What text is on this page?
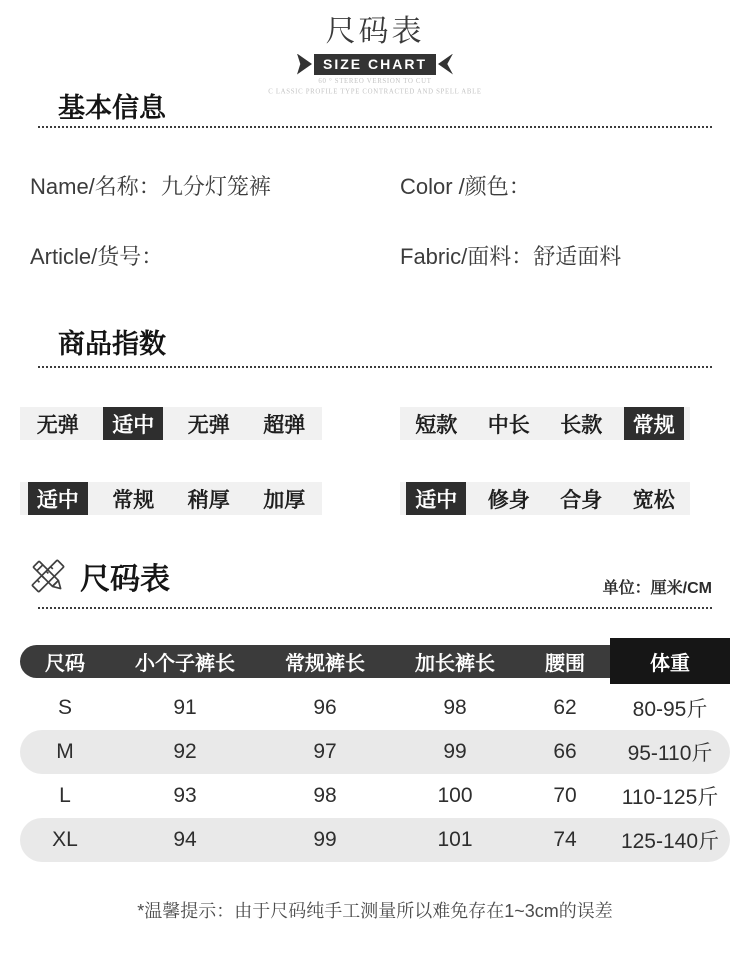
尺码表
SIZE CHART
60 ° STEREO VERSION TO CUT
C LASSIC PROFILE TYPE CONTRACTED AND SPELL ABLE
基本信息
Name/名称：九分灯笼裤	Color /颜色：
Article/货号：	Fabric/面料：舒适面料
商品指数
无弹	适中	无弹	超弹	短款	中长	长款	常规
适中	常规	稍厚	加厚	适中	修身	合身	宽松
尺码表	单位：厘米/CM
尺码	小个子裤长	常规裤长	加长裤长	腰围	体重
S	91	96	98	62	80-95斤
M	92	97	99	66	95-110斤
L	93	98	100	70	110-125斤
XL	94	99	101	74	125-140斤
*温馨提示：由于尺码纯手工测量所以难免存在1~3cm的误差
